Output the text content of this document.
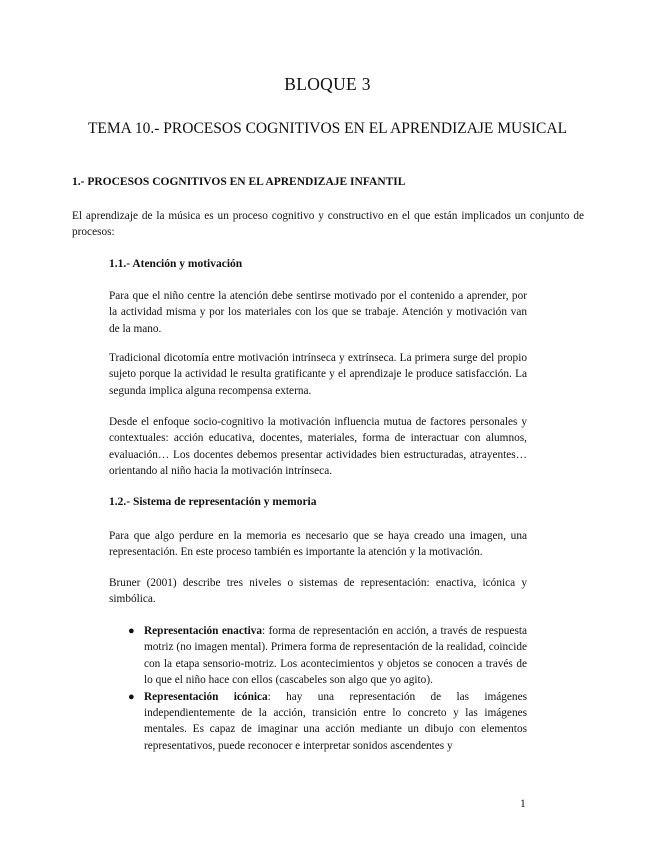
BLOQUE 3
TEMA 10.- PROCESOS COGNITIVOS EN EL APRENDIZAJE MUSICAL
1.- PROCESOS COGNITIVOS EN EL APRENDIZAJE INFANTIL

El aprendizaje de la música es un proceso cognitivo y constructivo en el que están implicados un conjunto de procesos:

1.1.- Atención y motivación

Para que el niño centre la atención debe sentirse motivado por el contenido a aprender, por la actividad misma y por los materiales con los que se trabaje. Atención y motivación van de la mano.

Tradicional dicotomía entre motivación intrínseca y extrínseca. La primera surge del propio sujeto porque la actividad le resulta gratificante y el aprendizaje le produce satisfacción. La segunda implica alguna recompensa externa.

Desde el enfoque socio-cognitivo la motivación influencia mutua de factores personales y contextuales: acción educativa, docentes, materiales, forma de interactuar con alumnos, evaluación… Los docentes debemos presentar actividades bien estructuradas, atrayentes… orientando al niño hacia la motivación intrínseca.

1.2.- Sistema de representación y memoria

Para que algo perdure en la memoria es necesario que se haya creado una imagen, una representación. En este proceso también es importante la atención y la motivación.

Bruner (2001) describe tres niveles o sistemas de representación: enactiva, icónica y simbólica.

● Representación enactiva: forma de representación en acción, a través de respuesta motriz (no imagen mental). Primera forma de representación de la realidad, coincide con la etapa sensorio-motriz. Los acontecimientos y objetos se conocen a través de lo que el niño hace con ellos (cascabeles son algo que yo agito).
● Representación icónica: hay una representación de las imágenes independientemente de la acción, transición entre lo concreto y las imágenes mentales. Es capaz de imaginar una acción mediante un dibujo con elementos representativos, puede reconocer e interpretar sonidos ascendentes y
1
